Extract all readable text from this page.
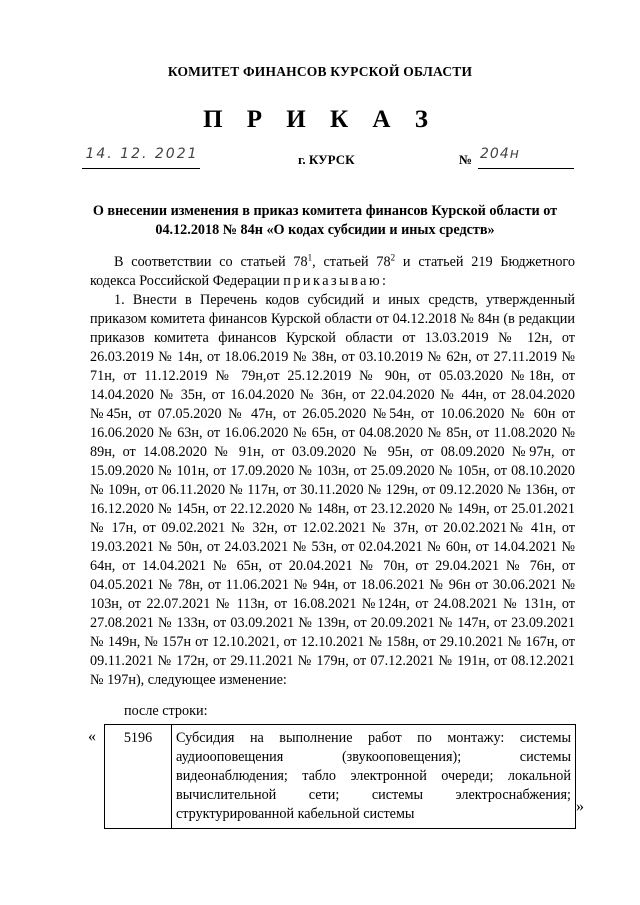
КОМИТЕТ ФИНАНСОВ КУРСКОЙ ОБЛАСТИ
П Р И К А З
14. 12. 2021	г. КУРСК	№ 204н
О внесении изменения в приказ комитета финансов Курской области от 04.12.2018 № 84н «О кодах субсидии и иных средств»

В соответствии со статьей $78^1$, статьей $78^2$ и статьей 219 Бюджетного кодекса Российской Федерации приказываю:

1. Внести в Перечень кодов субсидий и иных средств, утвержденный приказом комитета финансов Курской области от 04.12.2018 № 84н (в редакции приказов комитета финансов Курской области от 13.03.2019 № 12н, от 26.03.2019 № 14н, от 18.06.2019 № 38н, от 03.10.2019 № 62н, от 27.11.2019 № 71н, от 11.12.2019 № 79н,от 25.12.2019 № 90н, от 05.03.2020 №18н, от 14.04.2020 № 35н, от 16.04.2020 № 36н, от 22.04.2020 № 44н, от 28.04.2020 №45н, от 07.05.2020 № 47н, от 26.05.2020 №54н, от 10.06.2020 № 60н от 16.06.2020 № 63н, от 16.06.2020 № 65н, от 04.08.2020 № 85н, от 11.08.2020 № 89н, от 14.08.2020 № 91н, от 03.09.2020 № 95н, от 08.09.2020 №97н, от 15.09.2020 № 101н, от 17.09.2020 № 103н, от 25.09.2020 № 105н, от 08.10.2020 № 109н, от 06.11.2020 № 117н, от 30.11.2020 № 129н, от 09.12.2020 № 136н, от 16.12.2020 № 145н, от 22.12.2020 № 148н, от 23.12.2020 № 149н, от 25.01.2021 № 17н, от 09.02.2021 № 32н, от 12.02.2021 № 37н, от 20.02.2021№ 41н, от 19.03.2021 № 50н, от 24.03.2021 № 53н, от 02.04.2021 № 60н, от 14.04.2021 № 64н, от 14.04.2021 № 65н, от 20.04.2021 № 70н, от 29.04.2021 № 76н, от 04.05.2021 № 78н, от 11.06.2021 № 94н, от 18.06.2021 № 96н от 30.06.2021 № 103н, от 22.07.2021 № 113н, от 16.08.2021 №124н, от 24.08.2021 № 131н, от 27.08.2021 № 133н, от 03.09.2021 № 139н, от 20.09.2021 № 147н, от 23.09.2021 № 149н, № 157н от 12.10.2021, от 12.10.2021 № 158н, от 29.10.2021 № 167н, от 09.11.2021 № 172н, от 29.11.2021 № 179н, от 07.12.2021 № 191н, от 08.12.2021 № 197н), следующее изменение:

после строки:
« 5196	Субсидия на выполнение работ по монтажу: системы аудиооповещения (звукооповещения); системы видеонаблюдения; табло электронной очереди; локальной вычислительной сети; системы электроснабжения; структурированной кабельной системы	»
